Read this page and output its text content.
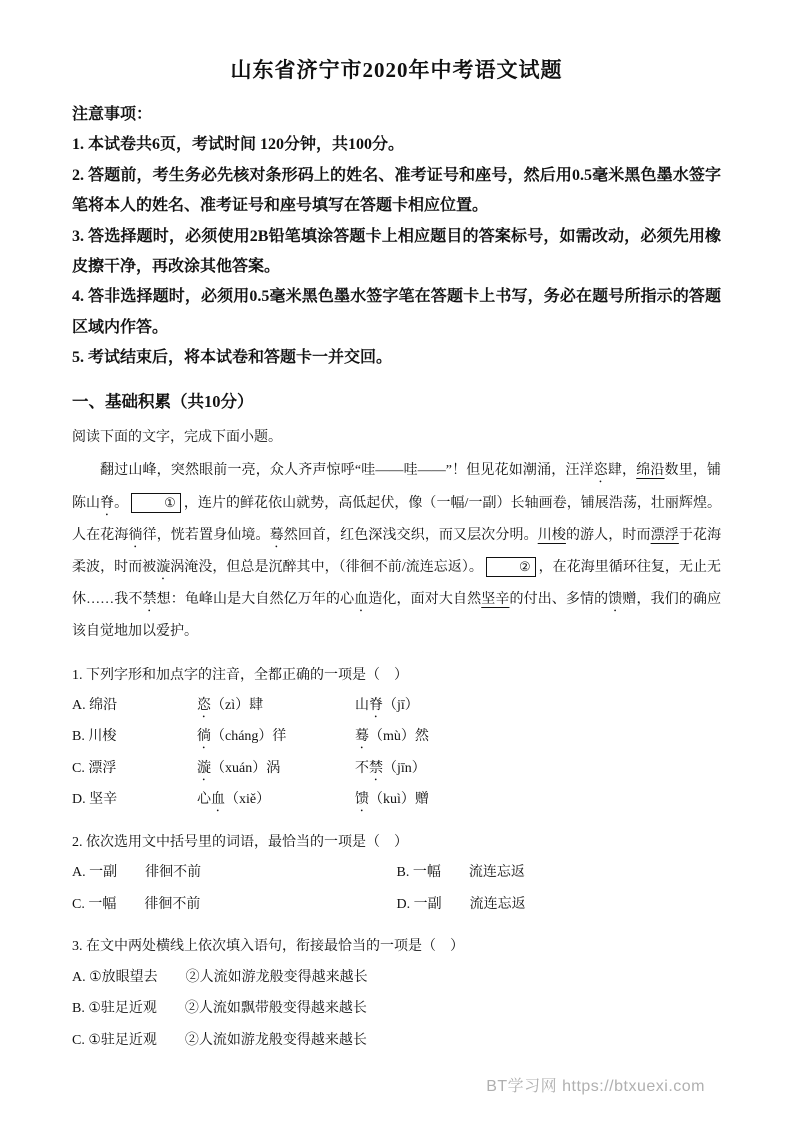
山东省济宁市2020年中考语文试题

注意事项：

1. 本试卷共6页，考试时间 120分钟，共100分。

2. 答题前，考生务必先核对条形码上的姓名、准考证号和座号，然后用0.5毫米黑色墨水签字笔将本人的姓名、准考证号和座号填写在答题卡相应位置。

3. 答选择题时，必须使用2B铅笔填涂答题卡上相应题目的答案标号，如需改动，必须先用橡皮擦干净，再改涂其他答案。

4. 答非选择题时，必须用0.5毫米黑色墨水签字笔在答题卡上书写，务必在题号所指示的答题区域内作答。

5. 考试结束后，将本试卷和答题卡一并交回。

一、基础积累（共10分）

阅读下面的文字，完成下面小题。

翻过山峰，突然眼前一亮，众人齐声惊呼“哇——哇——”！但见花如潮涌，汪洋恣肆，绵沿数里，铺陈山脊。	① ，连片的鲜花依山就势，高低起伏，像（一幅/一副）长轴画卷，铺展浩荡，壮丽辉煌。人在花海徜徉，恍若置身仙境。蓦然回首，红色深浅交织，而又层次分明。川梭的游人，时而漂浮于花海柔波，时而被漩涡淹没，但总是沉醉其中，（徘徊不前/流连忘返）。	② ，在花海里循环往复，无止无休……我不禁想：龟峰山是大自然亿万年的心血造化，面对大自然坚辛的付出、多情的馈赠，我们的确应该自觉地加以爱护。

1. 下列字形和加点字的注音，全都正确的一项是（　）

A. 绵沿	恣（zì）肆	山脊（jī）

B. 川梭	徜（cháng）徉	蓦（mù）然

C. 漂浮	漩（xuán）涡	不禁（jīn）

D. 坚辛	心血（xiě）	馈（kuì）赠

2. 依次选用文中括号里的词语，最恰当的一项是（　）

A. 一副　　徘徊不前	B. 一幅　　流连忘返

C. 一幅　　徘徊不前	D. 一副　　流连忘返

3. 在文中两处横线上依次填入语句，衔接最恰当的一项是（　）

A. ①放眼望去　　②人流如游龙般变得越来越长

B. ①驻足近观　　②人流如飘带般变得越来越长

C. ①驻足近观　　②人流如游龙般变得越来越长

BT学习网 https://btxuexi.com
